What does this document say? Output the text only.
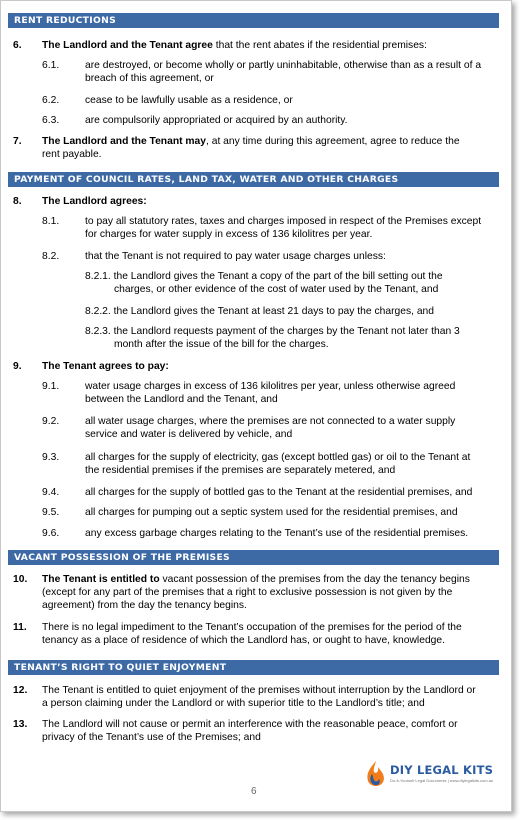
RENT REDUCTIONS
6. The Landlord and the Tenant agree that the rent abates if the residential premises:
6.1.	are destroyed, or become wholly or partly uninhabitable, otherwise than as a result of a
breach of this agreement, or
6.2.	cease to be lawfully usable as a residence, or
6.3.	are compulsorily appropriated or acquired by an authority.
7. The Landlord and the Tenant may, at any time during this agreement, agree to reduce the
rent payable.
PAYMENT OF COUNCIL RATES, LAND TAX, WATER AND OTHER CHARGES
8. The Landlord agrees:
8.1.	to pay all statutory rates, taxes and charges imposed in respect of the Premises except
for charges for water supply in excess of 136 kilolitres per year.
8.2.	that the Tenant is not required to pay water usage charges unless:
8.2.1. the Landlord gives the Tenant a copy of the part of the bill setting out the
charges, or other evidence of the cost of water used by the Tenant, and
8.2.2. the Landlord gives the Tenant at least 21 days to pay the charges, and
8.2.3. the Landlord requests payment of the charges by the Tenant not later than 3
month after the issue of the bill for the charges.
9. The Tenant agrees to pay:
9.1.	water usage charges in excess of 136 kilolitres per year, unless otherwise agreed
between the Landlord and the Tenant, and
9.2.	all water usage charges, where the premises are not connected to a water supply
service and water is delivered by vehicle, and
9.3.	all charges for the supply of electricity, gas (except bottled gas) or oil to the Tenant at
the residential premises if the premises are separately metered, and
9.4.	all charges for the supply of bottled gas to the Tenant at the residential premises, and
9.5.	all charges for pumping out a septic system used for the residential premises, and
9.6.	any excess garbage charges relating to the Tenant’s use of the residential premises.
VACANT POSSESSION OF THE PREMISES
10. The Tenant is entitled to vacant possession of the premises from the day the tenancy begins
(except for any part of the premises that a right to exclusive possession is not given by the
agreement) from the day the tenancy begins.
11. There is no legal impediment to the Tenant’s occupation of the premises for the period of the
tenancy as a place of residence of which the Landlord has, or ought to have, knowledge.
TENANT’S RIGHT TO QUIET ENJOYMENT
12. The Tenant is entitled to quiet enjoyment of the premises without interruption by the Landlord or
a person claiming under the Landlord or with superior title to the Landlord’s title; and
13. The Landlord will not cause or permit an interference with the reasonable peace, comfort or
privacy of the Tenant’s use of the Premises; and
DIY LEGAL KITS
Do-It-Yourself Legal Documents | www.diylegalkits.com.au
6
